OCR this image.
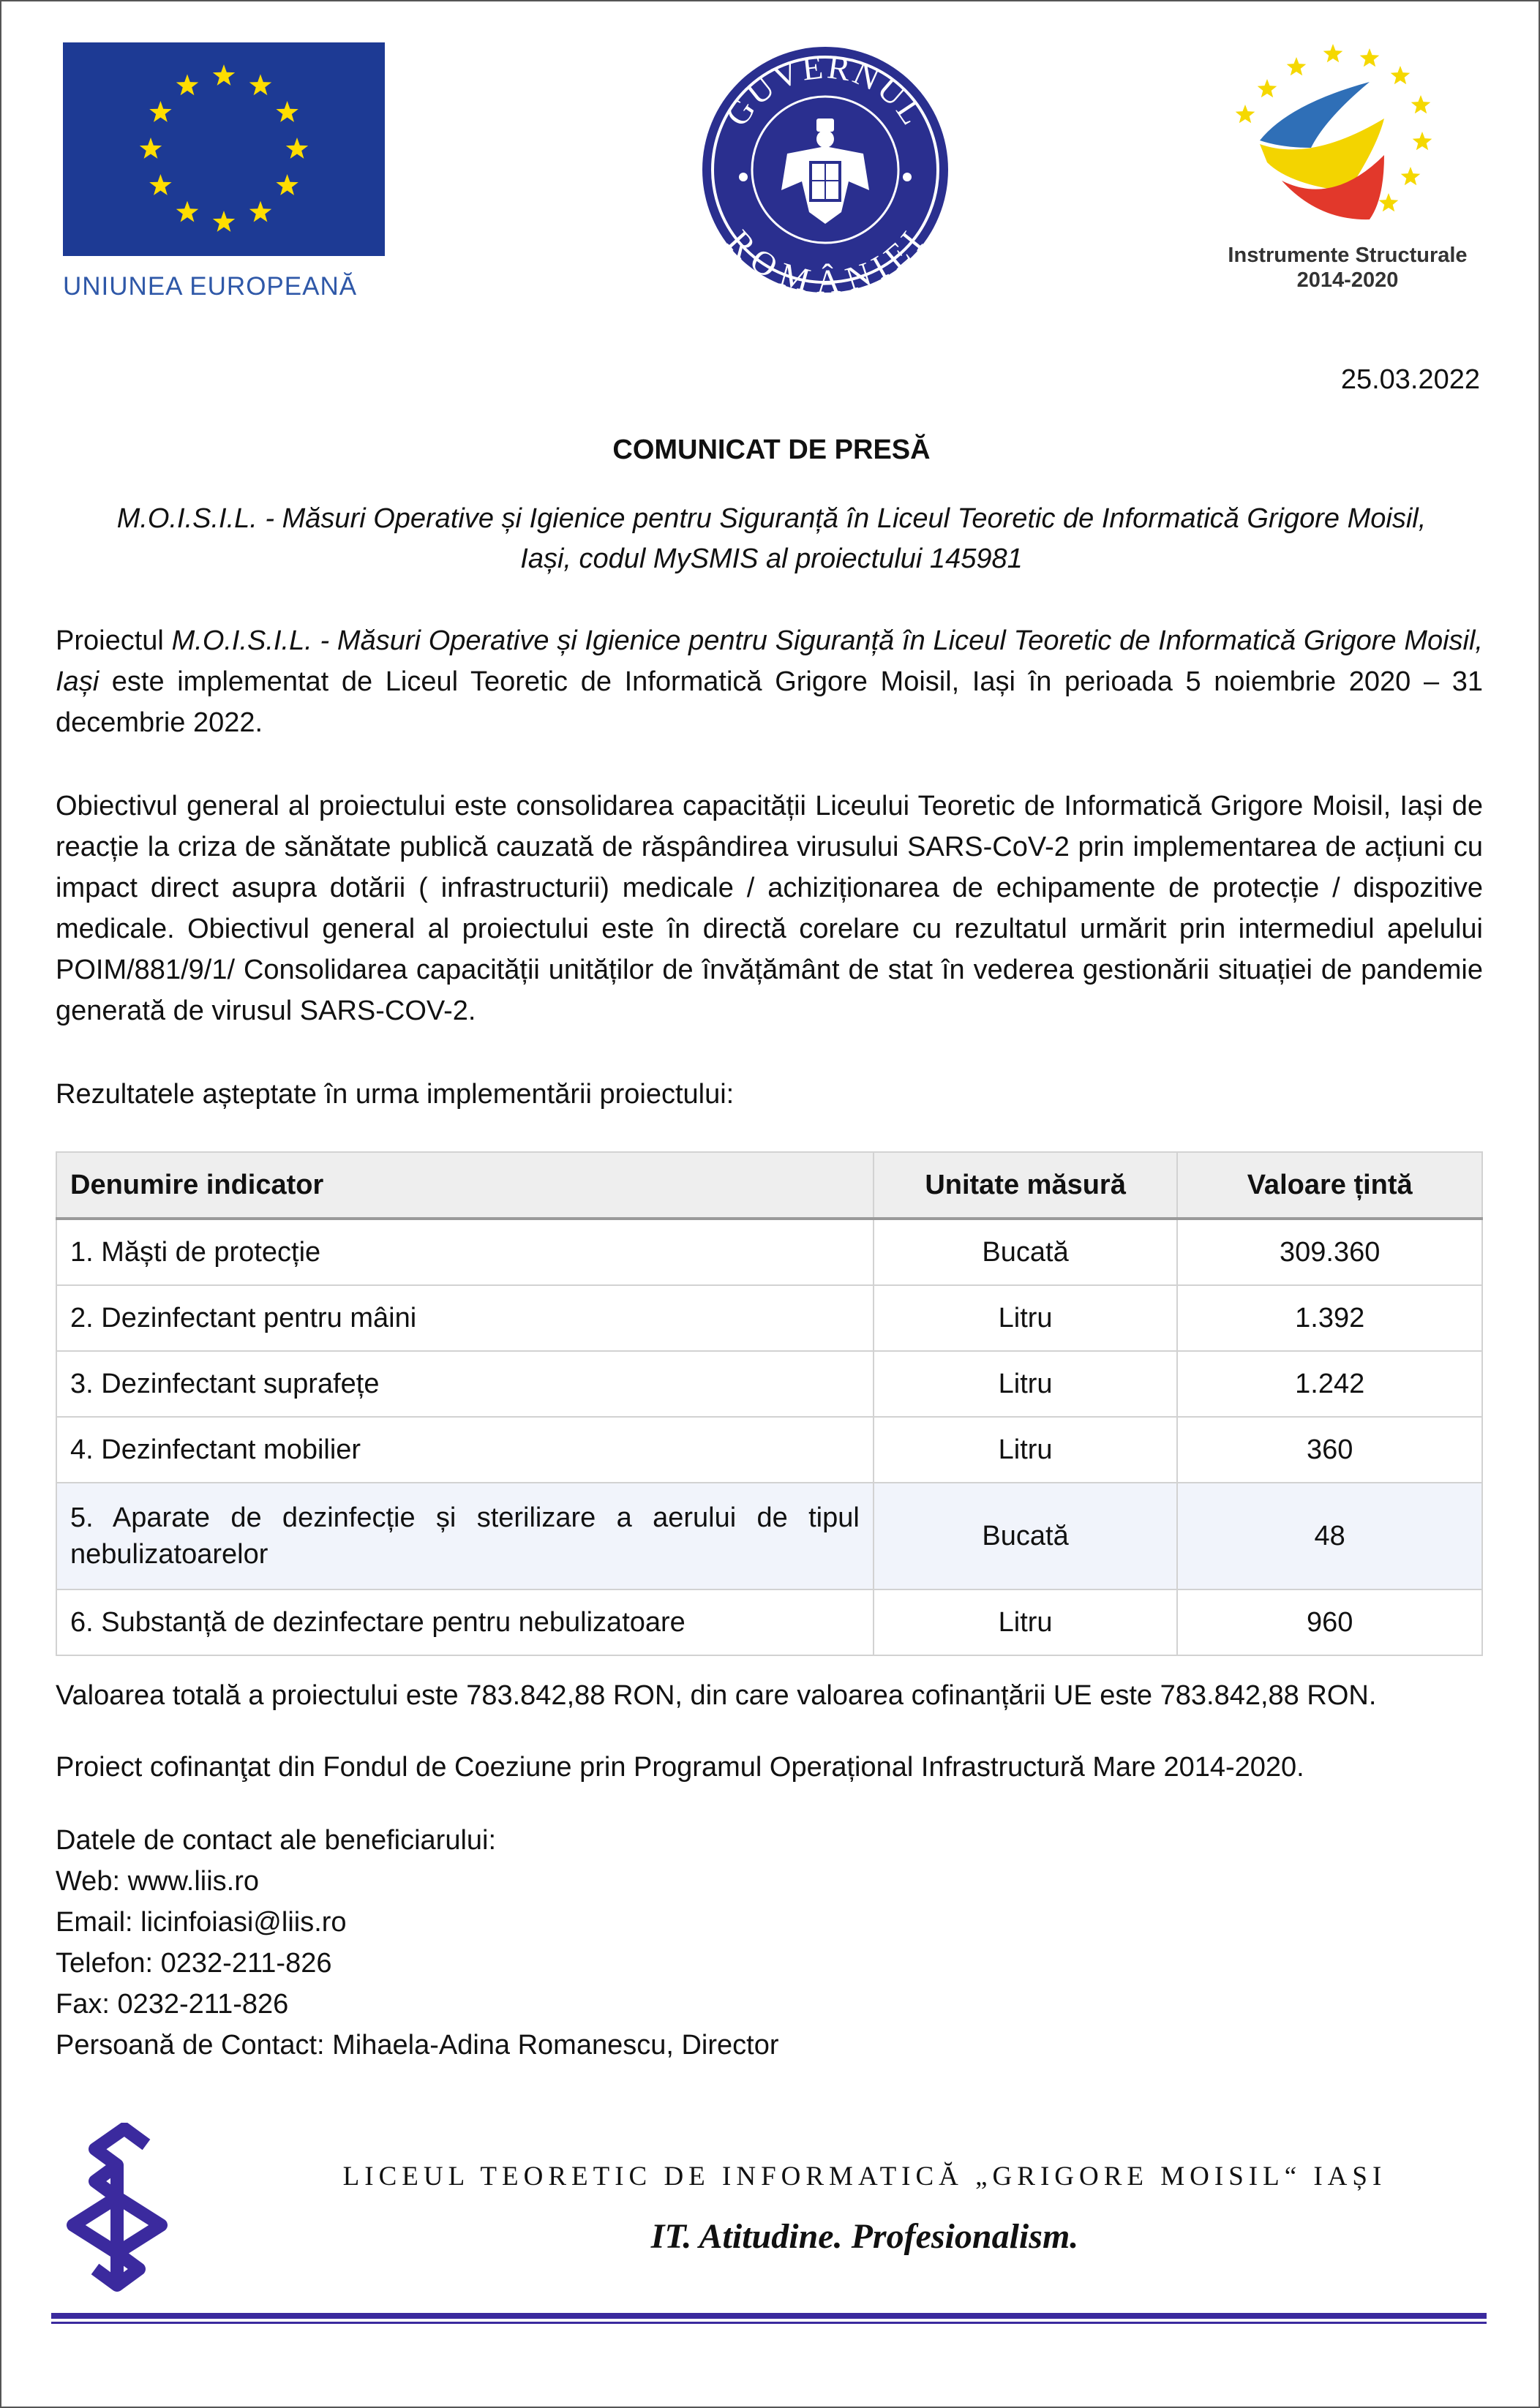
UNIUNEA EUROPEANĂ
GUVERNUL
ROMÂNIEI	Instrumente Structurale
2014-2020
25.03.2022
COMUNICAT DE PRESĂ
M.O.I.S.I.L. - Măsuri Operative și Igienice pentru Siguranță în Liceul Teoretic de Informatică Grigore Moisil, Iași, codul MySMIS al proiectului 145981
Proiectul M.O.I.S.I.L. - Măsuri Operative și Igienice pentru Siguranță în Liceul Teoretic de Informatică Grigore Moisil, Iași este implementat de Liceul Teoretic de Informatică Grigore Moisil, Iași în perioada 5 noiembrie 2020 – 31 decembrie 2022.
Obiectivul general al proiectului este consolidarea capacității Liceului Teoretic de Informatică Grigore Moisil, Iași de reacție la criza de sănătate publică cauzată de răspândirea virusului SARS-CoV-2 prin implementarea de acțiuni cu impact direct asupra dotării ( infrastructurii) medicale / achiziționarea de echipamente de protecție / dispozitive medicale. Obiectivul general al proiectului este în directă corelare cu rezultatul urmărit prin intermediul apelului POIM/881/9/1/ Consolidarea capacității unităților de învățământ de stat în vederea gestionării situației de pandemie generată de virusul SARS-COV-2.
Rezultatele așteptate în urma implementării proiectului:
Denumire indicator	Unitate măsură	Valoare țintă
1. Măști de protecție	Bucată	309.360
2. Dezinfectant pentru mâini	Litru	1.392
3. Dezinfectant suprafețe	Litru	1.242
4. Dezinfectant mobilier	Litru	360
5. Aparate de dezinfecție și sterilizare a aerului de tipul nebulizatoarelor	Bucată	48
6. Substanță de dezinfectare pentru nebulizatoare	Litru	960
Valoarea totală a proiectului este 783.842,88 RON, din care valoarea cofinanțării UE este 783.842,88 RON.
Proiect cofinanţat din Fondul de Coeziune prin Programul Operațional Infrastructură Mare 2014-2020.
Datele de contact ale beneficiarului:
Web: www.liis.ro
Email: licinfoiasi@liis.ro
Telefon: 0232-211-826
Fax: 0232-211-826
Persoană de Contact: Mihaela-Adina Romanescu, Director
LICEUL TEORETIC DE INFORMATICĂ „GRIGORE MOISIL“ IAȘI
IT. Atitudine. Profesionalism.
